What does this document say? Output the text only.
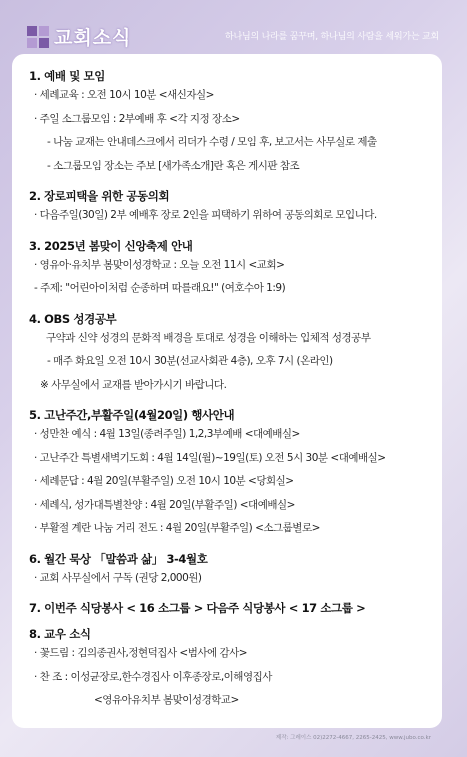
교회소식	하나님의 나라를 꿈꾸며, 하나님의 사람을 세워가는 교회
1. 예배 및 모임
· 세례교육 : 오전 10시 10분 <새신자실>
· 주일 소그룹모임 : 2부예배 후 <각 지정 장소>
- 나눔 교재는 안내데스크에서 리더가 수령 / 모임 후, 보고서는 사무실로 제출
- 소그룹모임 장소는 주보 [새가족소개]란 혹은 게시판 참조
2. 장로피택을 위한 공동의회
· 다음주일(30일) 2부 예배후 장로 2인을 피택하기 위하여 공동의회로 모입니다.
3. 2025년 봄맞이 신앙축제 안내
· 영유아·유치부 봄맞이성경학교 : 오늘 오전 11시 <교회>
- 주제: "어린아이처럼 순종하며 따를래요!" (여호수아 1:9)
4. OBS 성경공부
구약과 신약 성경의 문화적 배경을 토대로 성경을 이해하는 입체적 성경공부
- 매주 화요일 오전 10시 30분(선교사회관 4층), 오후 7시 (온라인)
※ 사무실에서 교재를 받아가시기 바랍니다.
5. 고난주간,부활주일(4월20일) 행사안내
· 성만찬 예식 : 4월 13일(종려주일) 1,2,3부예배 <대예배실>
· 고난주간 특별새벽기도회 : 4월 14일(월)~19일(토) 오전 5시 30분 <대예배실>
· 세례문답 : 4월 20일(부활주일) 오전 10시 10분 <당회실>
· 세례식, 성가대특별찬양 : 4월 20일(부활주일) <대예배실>
· 부활절 계란 나눔 거리 전도 : 4월 20일(부활주일) <소그룹별로>
6. 월간 묵상 「말씀과 삶」 3-4월호
· 교회 사무실에서 구독 (권당 2,000원)
7. 이번주 식당봉사 < 16 소그룹 > 다음주 식당봉사 < 17 소그룹 >
8. 교우 소식
· 꽃드림 : 김의종권사,정현덕집사 <범사에 감사>
· 찬 조 : 이성균장로,한수경집사 이후종장로,이해영집사
<영유아유치부 봄맞이성경학교>
제작: 그레이스 02)2272-4667, 2265-2425, www.jubo.co.kr
